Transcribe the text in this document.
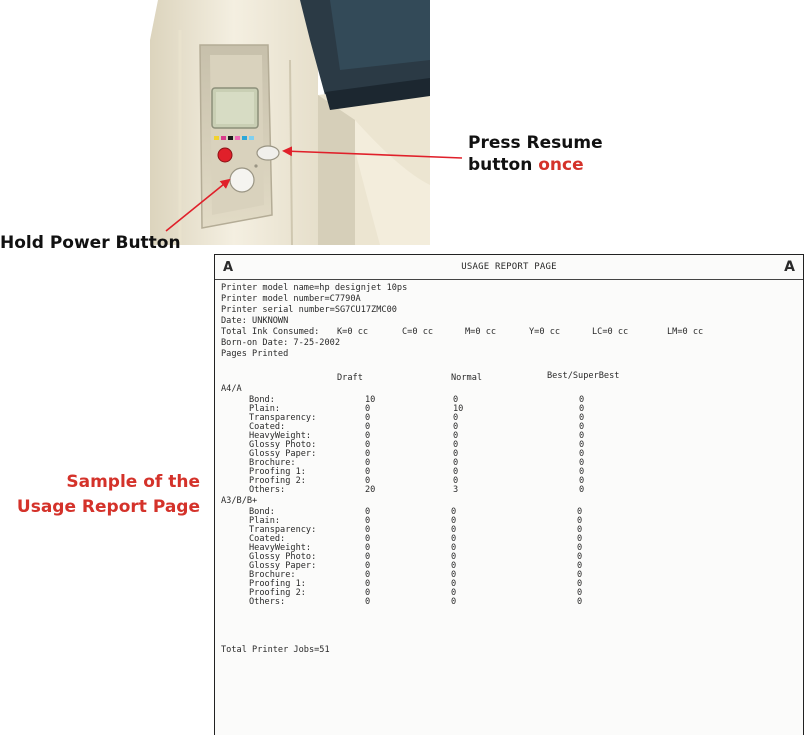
Press Resume
button once

Hold Power Button

Sample of the
Usage Report Page

A	USAGE REPORT PAGE	A
Printer model name=hp designjet 10ps
Printer model number=C7790A
Printer serial number=SG7CU17ZMC00
Date: UNKNOWN
Total Ink Consumed: K=0 cc	C=0 cc	M=0 cc	Y=0 cc	LC=0 cc	LM=0 cc
Born-on Date: 7-25-2002
Pages Printed
Draft	Normal	Best/SuperBest
A4/A
Bond:	10	0	0
Plain:	0	10	0
Transparency:	0	0	0
Coated:	0	0	0
HeavyWeight:	0	0	0
Glossy Photo:	0	0	0
Glossy Paper:	0	0	0
Brochure:	0	0	0
Proofing 1:	0	0	0
Proofing 2:	0	0	0
Others:	20	3	0
A3/B/B+
Bond:	0	0	0
Plain:	0	0	0
Transparency:	0	0	0
Coated:	0	0	0
HeavyWeight:	0	0	0
Glossy Photo:	0	0	0
Glossy Paper:	0	0	0
Brochure:	0	0	0
Proofing 1:	0	0	0
Proofing 2:	0	0	0
Others:	0	0	0
Total Printer Jobs=51
